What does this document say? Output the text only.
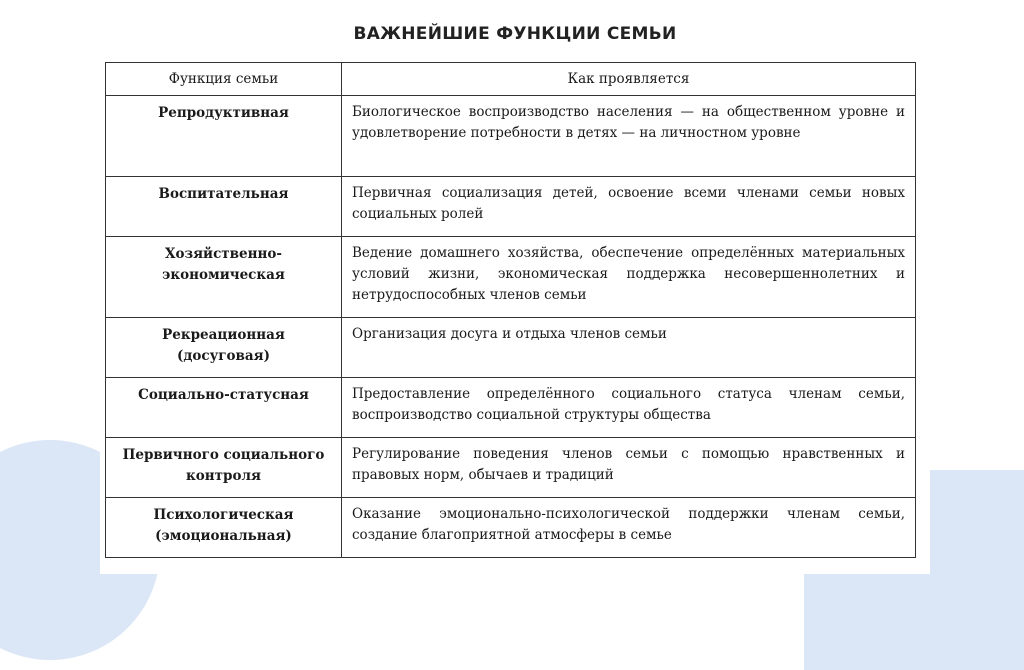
ВАЖНЕЙШИЕ ФУНКЦИИ СЕМЬИ
Функция семьи	Как проявляется
Репродуктивная	Биологическое воспроизводство населения — на общественном уровне и удовлетворение потребности в детях — на личностном уровне
Воспитательная	Первичная социализация детей, освоение всеми членами семьи новых социальных ролей
Хозяйственно-экономическая	Ведение домашнего хозяйства, обеспечение определённых материальных условий жизни, экономическая поддержка несовершеннолетних и нетрудоспособных членов семьи
Рекреационная (досуговая)	Организация досуга и отдыха членов семьи
Социально-статусная	Предоставление определённого социального статуса членам семьи, воспроизводство социальной структуры общества
Первичного социального контроля	Регулирование поведения членов семьи с помощью нравственных и правовых норм, обычаев и традиций
Психологическая (эмоциональная)	Оказание эмоционально-психологической поддержки членам семьи, создание благоприятной атмосферы в семье
